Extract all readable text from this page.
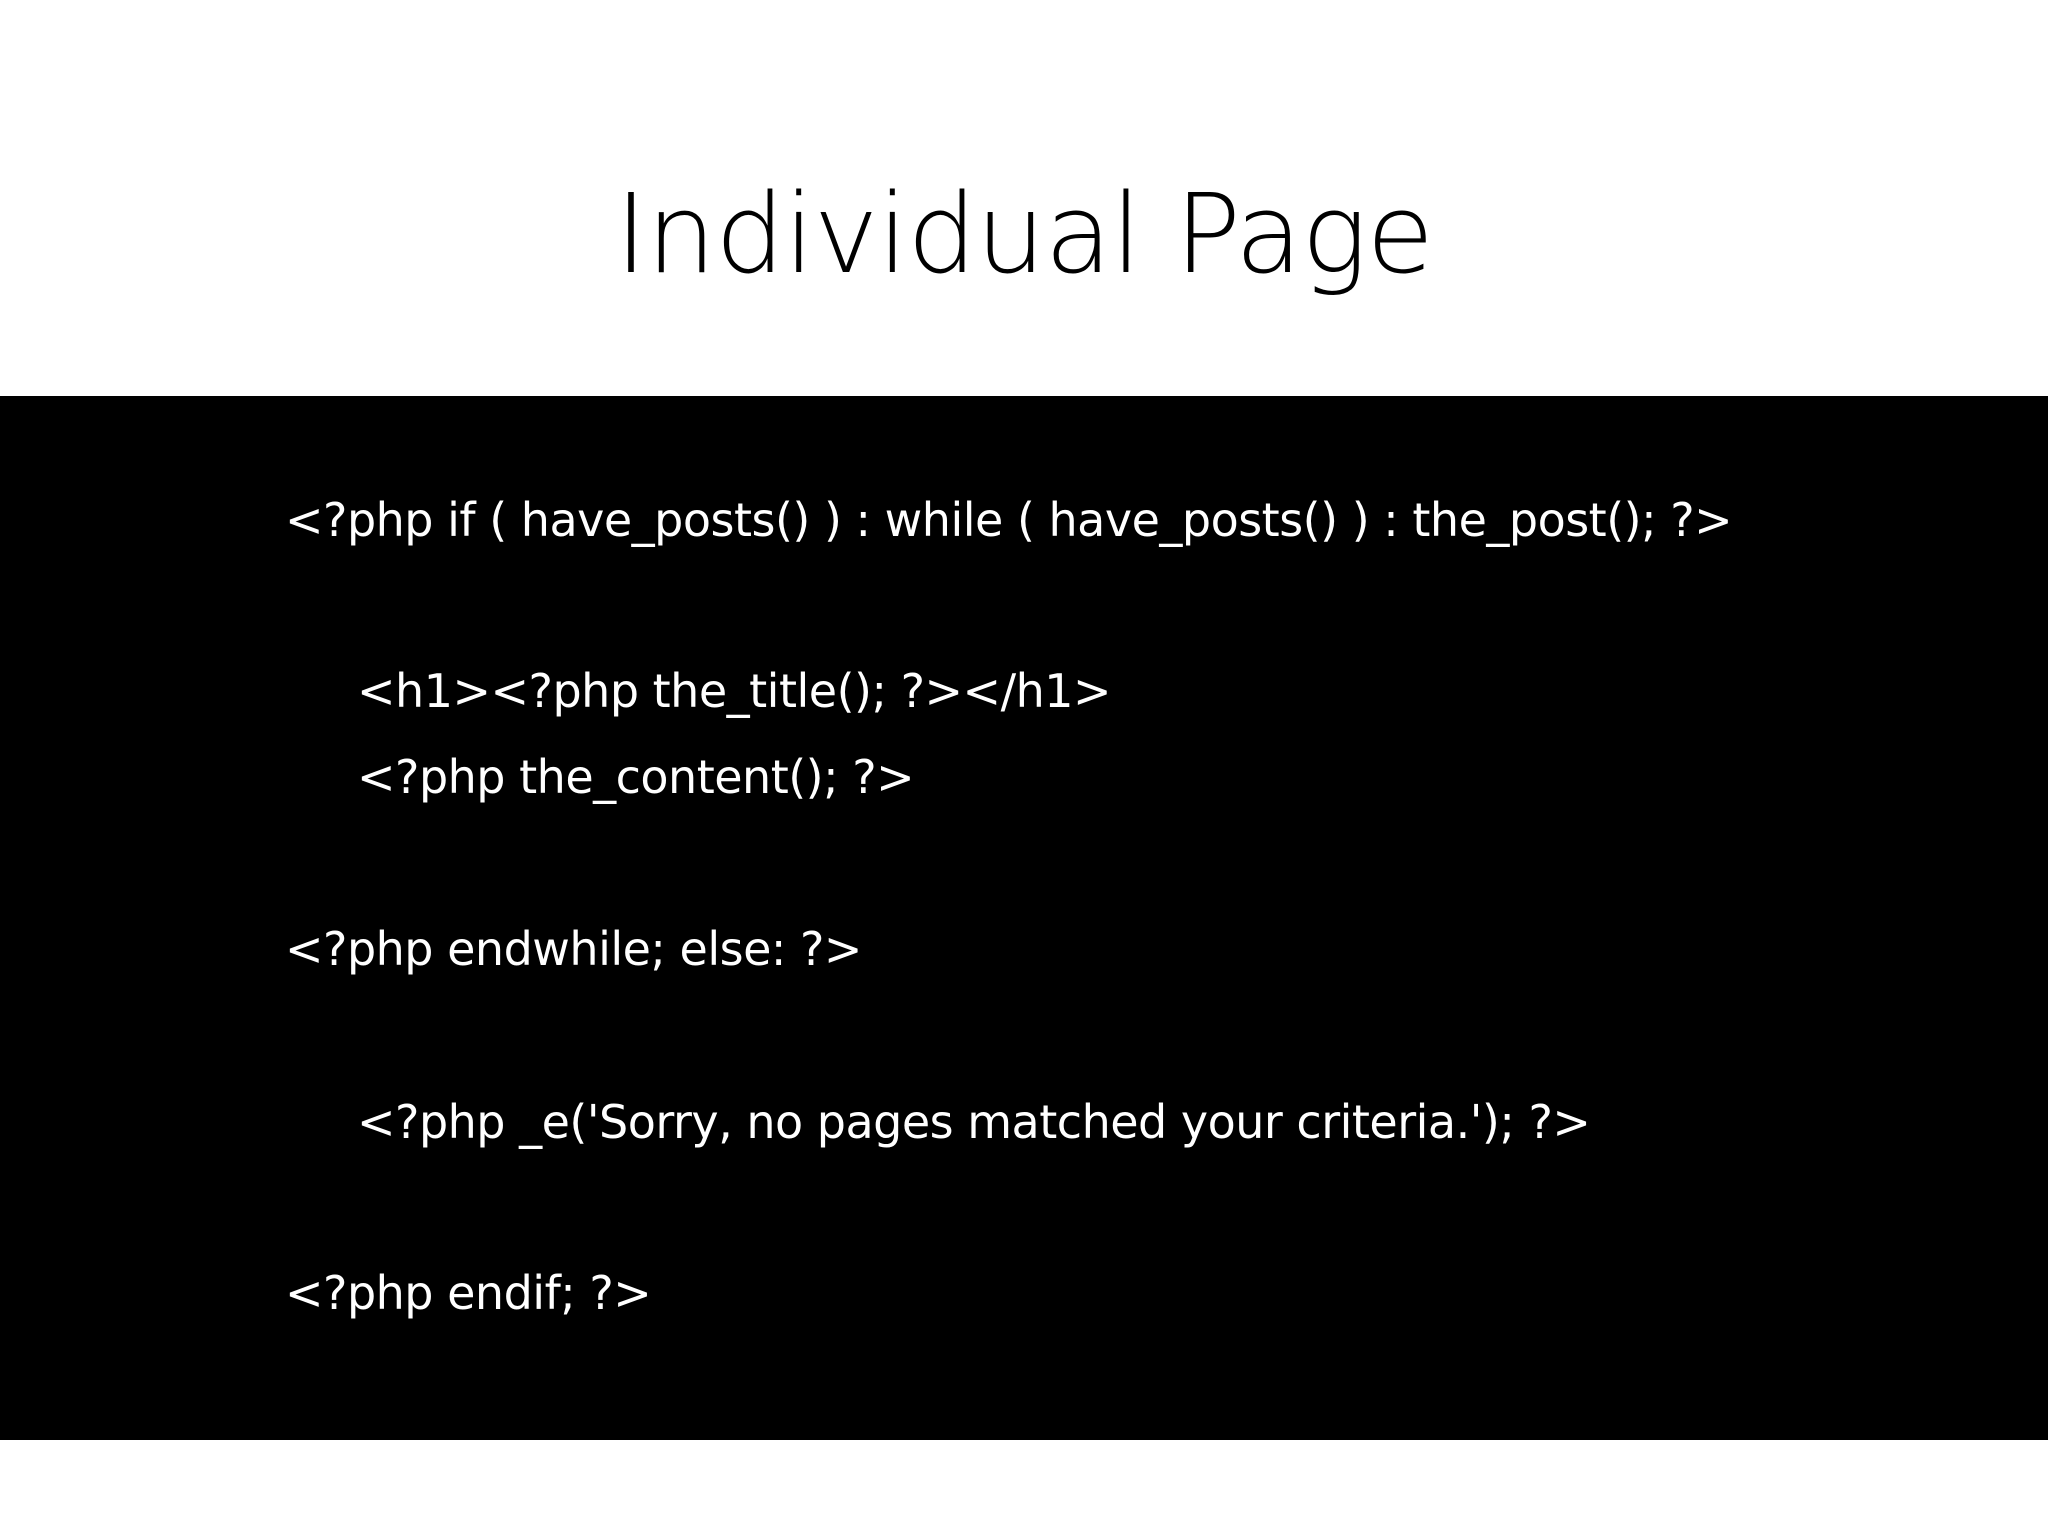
Individual Page
<?php if ( have_posts() ) : while ( have_posts() ) : the_post(); ?>
<h1><?php the_title(); ?></h1>
<?php the_content(); ?>
<?php endwhile; else: ?>
<?php _e('Sorry, no pages matched your criteria.'); ?>
<?php endif; ?>
